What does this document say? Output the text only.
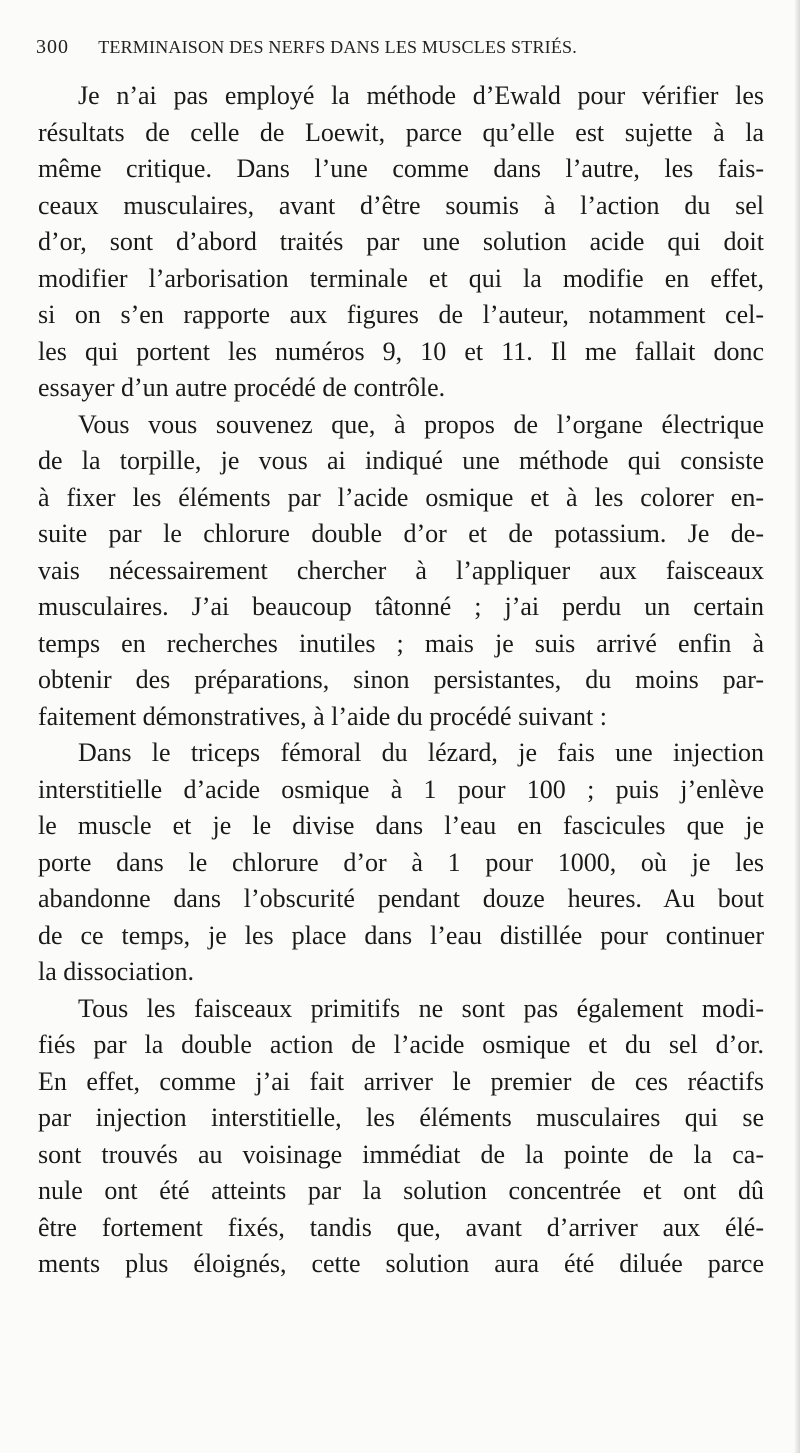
300 TERMINAISON DES NERFS DANS LES MUSCLES STRIÉS.
Je n’ai pas employé la méthode d’Ewald pour vérifier les
résultats de celle de Loewit, parce qu’elle est sujette à la
même critique. Dans l’une comme dans l’autre, les fais-
ceaux musculaires, avant d’être soumis à l’action du sel
d’or, sont d’abord traités par une solution acide qui doit
modifier l’arborisation terminale et qui la modifie en effet,
si on s’en rapporte aux figures de l’auteur, notamment cel-
les qui portent les numéros 9, 10 et 11. Il me fallait donc
essayer d’un autre procédé de contrôle.
Vous vous souvenez que, à propos de l’organe électrique
de la torpille, je vous ai indiqué une méthode qui consiste
à fixer les éléments par l’acide osmique et à les colorer en-
suite par le chlorure double d’or et de potassium. Je de-
vais nécessairement chercher à l’appliquer aux faisceaux
musculaires. J’ai beaucoup tâtonné ; j’ai perdu un certain
temps en recherches inutiles ; mais je suis arrivé enfin à
obtenir des préparations, sinon persistantes, du moins par-
faitement démonstratives, à l’aide du procédé suivant :
Dans le triceps fémoral du lézard, je fais une injection
interstitielle d’acide osmique à 1 pour 100 ; puis j’enlève
le muscle et je le divise dans l’eau en fascicules que je
porte dans le chlorure d’or à 1 pour 1000, où je les
abandonne dans l’obscurité pendant douze heures. Au bout
de ce temps, je les place dans l’eau distillée pour continuer
la dissociation.
Tous les faisceaux primitifs ne sont pas également modi-
fiés par la double action de l’acide osmique et du sel d’or.
En effet, comme j’ai fait arriver le premier de ces réactifs
par injection interstitielle, les éléments musculaires qui se
sont trouvés au voisinage immédiat de la pointe de la ca-
nule ont été atteints par la solution concentrée et ont dû
être fortement fixés, tandis que, avant d’arriver aux élé-
ments plus éloignés, cette solution aura été diluée parce
